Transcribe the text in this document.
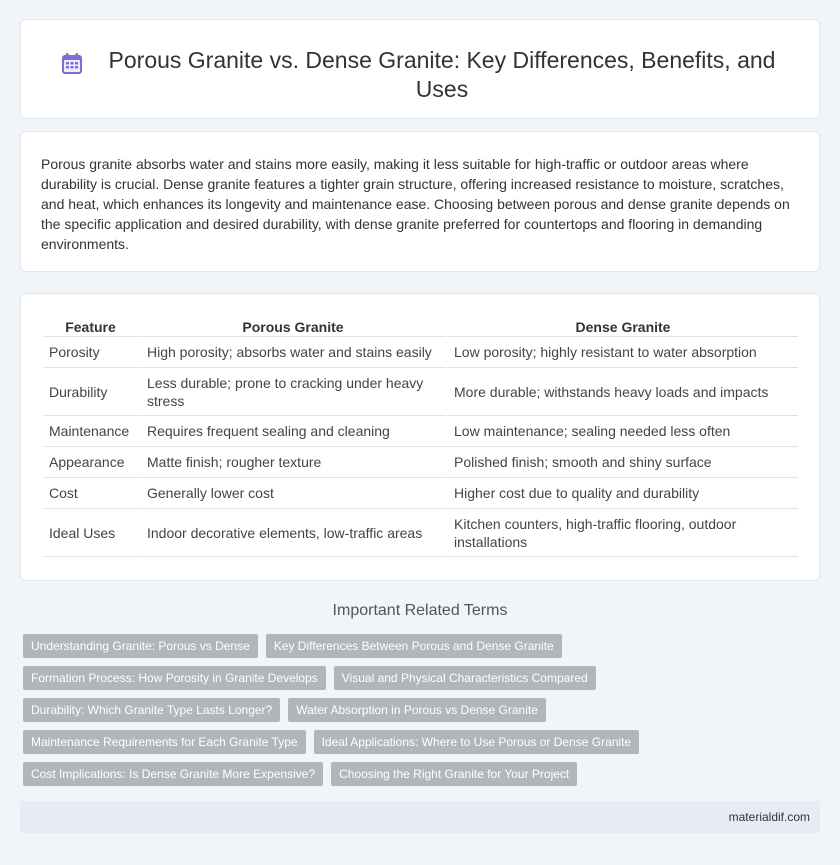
Porous Granite vs. Dense Granite: Key Differences, Benefits, and Uses

Porous granite absorbs water and stains more easily, making it less suitable for high-traffic or outdoor areas where durability is crucial. Dense granite features a tighter grain structure, offering increased resistance to moisture, scratches, and heat, which enhances its longevity and maintenance ease. Choosing between porous and dense granite depends on the specific application and desired durability, with dense granite preferred for countertops and flooring in demanding environments.

Feature	Porous Granite	Dense Granite
Porosity	High porosity; absorbs water and stains easily	Low porosity; highly resistant to water absorption
Durability	Less durable; prone to cracking under heavy stress	More durable; withstands heavy loads and impacts
Maintenance	Requires frequent sealing and cleaning	Low maintenance; sealing needed less often
Appearance	Matte finish; rougher texture	Polished finish; smooth and shiny surface
Cost	Generally lower cost	Higher cost due to quality and durability
Ideal Uses	Indoor decorative elements, low-traffic areas	Kitchen counters, high-traffic flooring, outdoor installations
Important Related Terms
Understanding Granite: Porous vs Dense	Key Differences Between Porous and Dense Granite
Formation Process: How Porosity in Granite Develops	Visual and Physical Characteristics Compared
Durability: Which Granite Type Lasts Longer?	Water Absorption in Porous vs Dense Granite
Maintenance Requirements for Each Granite Type	Ideal Applications: Where to Use Porous or Dense Granite
Cost Implications: Is Dense Granite More Expensive?	Choosing the Right Granite for Your Project
materialdif.com
